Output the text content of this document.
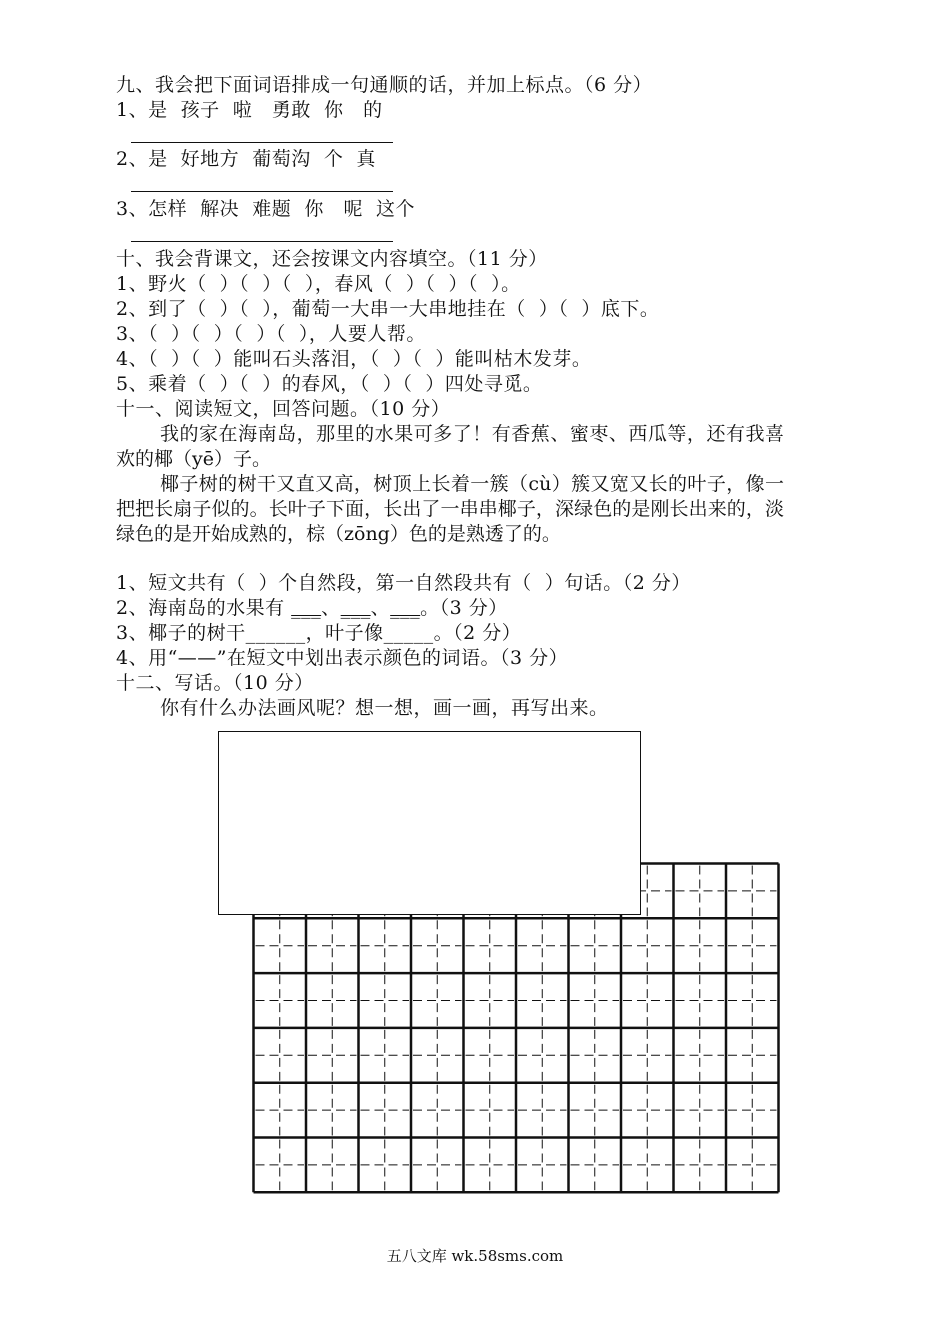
九、我会把下面词语排成一句通顺的话，并加上标点。（6 分）
1、是  孩子  啦   勇敢  你   的
2、是  好地方  葡萄沟  个  真
3、怎样  解决  难题  你   呢  这个
十、我会背课文，还会按课文内容填空。（11 分）
1、野火（  ）（  ）（  ），春风（  ）（  ）（  ）。
2、到了（  ）（  ），葡萄一大串一大串地挂在（  ）（  ）底下。
3、（  ）（  ）（  ）（  ），人要人帮。
4、（  ）（  ）能叫石头落泪，（  ）（  ）能叫枯木发芽。
5、乘着（  ）（  ）的春风，（  ）（  ）四处寻觅。
十一、阅读短文，回答问题。（10 分）
我的家在海南岛，那里的水果可多了！有香蕉、蜜枣、西瓜等，还有我喜欢的椰（yē）子。
椰子树的树干又直又高，树顶上长着一簇（cù）簇又宽又长的叶子，像一把把长扇子似的。长叶子下面，长出了一串串椰子，深绿色的是刚长出来的，淡绿色的是开始成熟的，棕（zōng）色的是熟透了的。
1、短文共有（  ）个自然段，第一自然段共有（  ）句话。（2 分）
2、海南岛的水果有 ___、___、___。（3 分）
3、椰子的树干______，叶子像_____。（2 分）
4、用“——”在短文中划出表示颜色的词语。（3 分）
十二、写话。（10 分）
你有什么办法画风呢？想一想，画一画，再写出来。
五八文库 wk.58sms.com
